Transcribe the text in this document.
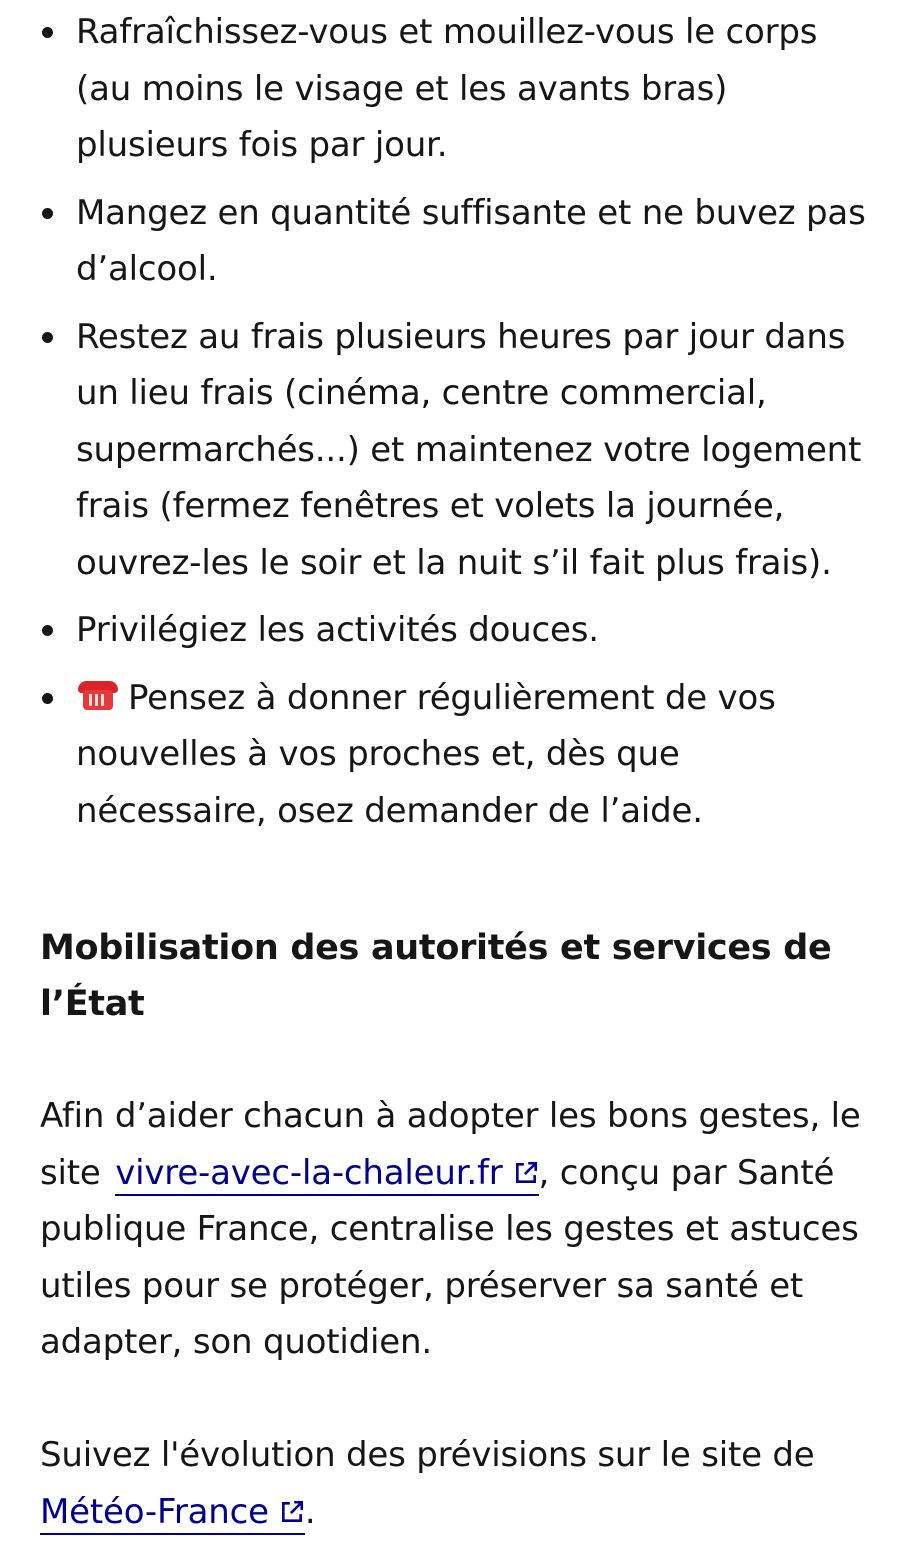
Rafraîchissez-vous et mouillez-vous le corps (au moins le visage et les avants bras) plusieurs fois par jour.
Mangez en quantité suffisante et ne buvez pas d’alcool.
Restez au frais plusieurs heures par jour dans un lieu frais (cinéma, centre commercial, supermarchés...) et maintenez votre logement frais (fermez fenêtres et volets la journée, ouvrez-les le soir et la nuit s’il fait plus frais).
Privilégiez les activités douces.
Pensez à donner régulièrement de vos nouvelles à vos proches et, dès que nécessaire, osez demander de l’aide.
Mobilisation des autorités et services de l’État

Afin d’aider chacun à adopter les bons gestes, le site vivre-avec-la-chaleur.fr , conçu par Santé publique France, centralise les gestes et astuces utiles pour se protéger, préserver sa santé et adapter, son quotidien.

Suivez l'évolution des prévisions sur le site de Météo-France .
